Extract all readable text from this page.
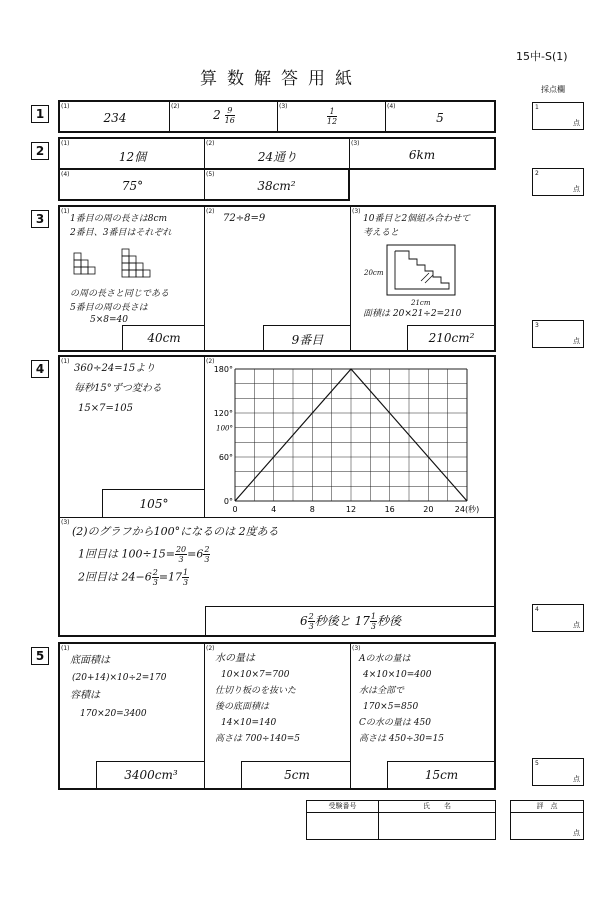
15中-S(1)
算数解答用紙
採点欄
1
(1)
234
(2)
$2 \frac{9}{16}$	(3)
$\frac{1}{12}$
(4)
5
2
(1)
12個
(2)
24通り
(3)
6km
(4)
75°
(5)
38cm²
3
(1)
1番目の周の長さは8cm
2番目、3番目はそれぞれ
の周の長さと同じである
5番目の周の長さは
5×8=40
40cm
(2)
72÷8=9
9番目
(3)
10番目と2個組み合わせて
考えると
20cm
21cm
面積は 20×21÷2=210
210cm²
4
(1)
360÷24=15より
毎秒15°ずつ変わる
15×7=105
105°
(2)
0	4	8	12	16	20	24(秒)
0°
60°
120°
180°
100°
(3)
(2)のグラフから100°になるのは 2度ある
1回目は $100\div 15= \frac{20}{3} =6 \frac{2}{3}$
2回目は $24-6 \frac{2}{3} =17 \frac{1}{3}$
$6 \frac{2}{3}$ 秒後と $17 \frac{1}{3}$ 秒後
5
(1)
底面積は
(20+14)×10÷2=170
容積は
170×20=3400
3400cm³
(2)
水の量は
10×10×7=700
仕切り板のを抜いた
後の底面積は
14×10=140
高さは 700÷140=5
5cm
(3)
Aの水の量は
4×10×10=400
水は全部で
170×5=850
Cの水の量は 450
高さは 450÷30=15
15cm
1
点
2
点
3
点
4
点
5
点
受験番号	氏　　名	評　点
点
